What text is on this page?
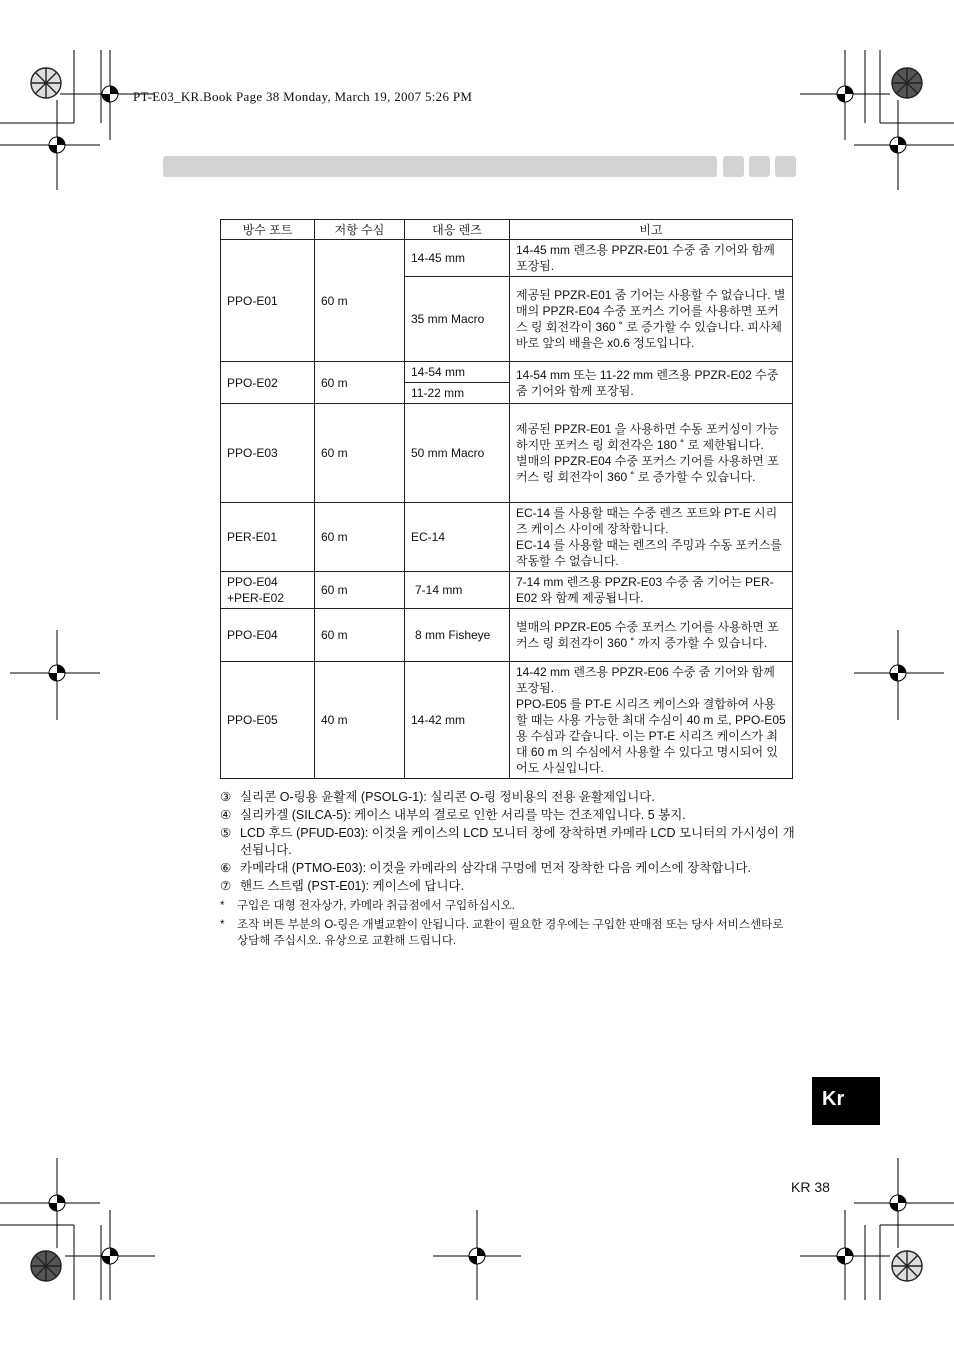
PT-E03_KR.Book Page 38 Monday, March 19, 2007 5:26 PM
방수 포트	저항 수심	대응 렌즈	비고
PPO-E01	60 m	14-45 mm	14-45 mm 렌즈용 PPZR-E01 수중 줌 기어와 함께 포장됨.
		35 mm Macro	제공된 PPZR-E01 줌 기어는 사용할 수 없습니다. 별매의 PPZR-E04 수중 포커스 기어를 사용하면 포커스 링 회전각이 360 ˚ 로 증가할 수 있습니다. 피사체 바로 앞의 배율은 x0.6 정도입니다.
PPO-E02	60 m	14-54 mm	14-54 mm 또는 11-22 mm 렌즈용 PPZR-E02 수중 줌 기어와 함께 포장됨.
		11-22 mm	
PPO-E03	60 m	50 mm Macro	제공된 PPZR-E01 을 사용하면 수동 포커싱이 가능하지만 포커스 링 회전각은 180 ˚ 로 제한됩니다.
별매의 PPZR-E04 수중 포커스 기어를 사용하면 포커스 링 회전각이 360 ˚ 로 증가할 수 있습니다.

PER-E01	60 m	EC-14	EC-14 를 사용할 때는 수중 렌즈 포트와 PT-E 시리즈 케이스 사이에 장착합니다.
EC-14 를 사용할 때는 렌즈의 주밍과 수동 포커스를 작동할 수 없습니다.

PPO-E04
+PER-E02	60 m	7-14 mm	7-14 mm 렌즈용 PPZR-E03 수중 줌 기어는 PER-E02 와 함께 제공됩니다.
PPO-E04	60 m	8 mm Fisheye	별매의 PPZR-E05 수중 포커스 기어를 사용하면 포커스 링 회전각이 360 ˚ 까지 증가할 수 있습니다.
PPO-E05	40 m	14-42 mm	14-42 mm 렌즈용 PPZR-E06 수중 줌 기어와 함께 포장됨.
PPO-E05 를 PT-E 시리즈 케이스와 결합하여 사용할 때는 사용 가능한 최대 수심이 40 m 로, PPO-E05 용 수심과 같습니다. 이는 PT-E 시리즈 케이스가 최대 60 m 의 수심에서 사용할 수 있다고 명시되어 있어도 사실입니다.
③ 실리콘 O-링용 윤활제 (PSOLG-1): 실리콘 O-링 정비용의 전용 윤활제입니다.
④ 실리카겔 (SILCA-5): 케이스 내부의 결로로 인한 서리를 막는 건조제입니다. 5 봉지.
⑤ LCD 후드 (PFUD-E03): 이것을 케이스의 LCD 모니터 창에 장착하면 카메라 LCD 모니터의 가시성이 개선됩니다.
⑥ 카메라대 (PTMO-E03): 이것을 카메라의 삼각대 구멍에 먼저 장착한 다음 케이스에 장착합니다.
⑦ 핸드 스트랩 (PST-E01): 케이스에 답니다.
*	구입은 대형 전자상가, 카메라 취급점에서 구입하십시오.
*	조작 버튼 부분의 O-링은 개별교환이 안됩니다. 교환이 필요한 경우에는 구입한 판매점 또는 당사 서비스센타로 상담해 주십시오. 유상으로 교환해 드립니다.
Kr
KR 38
